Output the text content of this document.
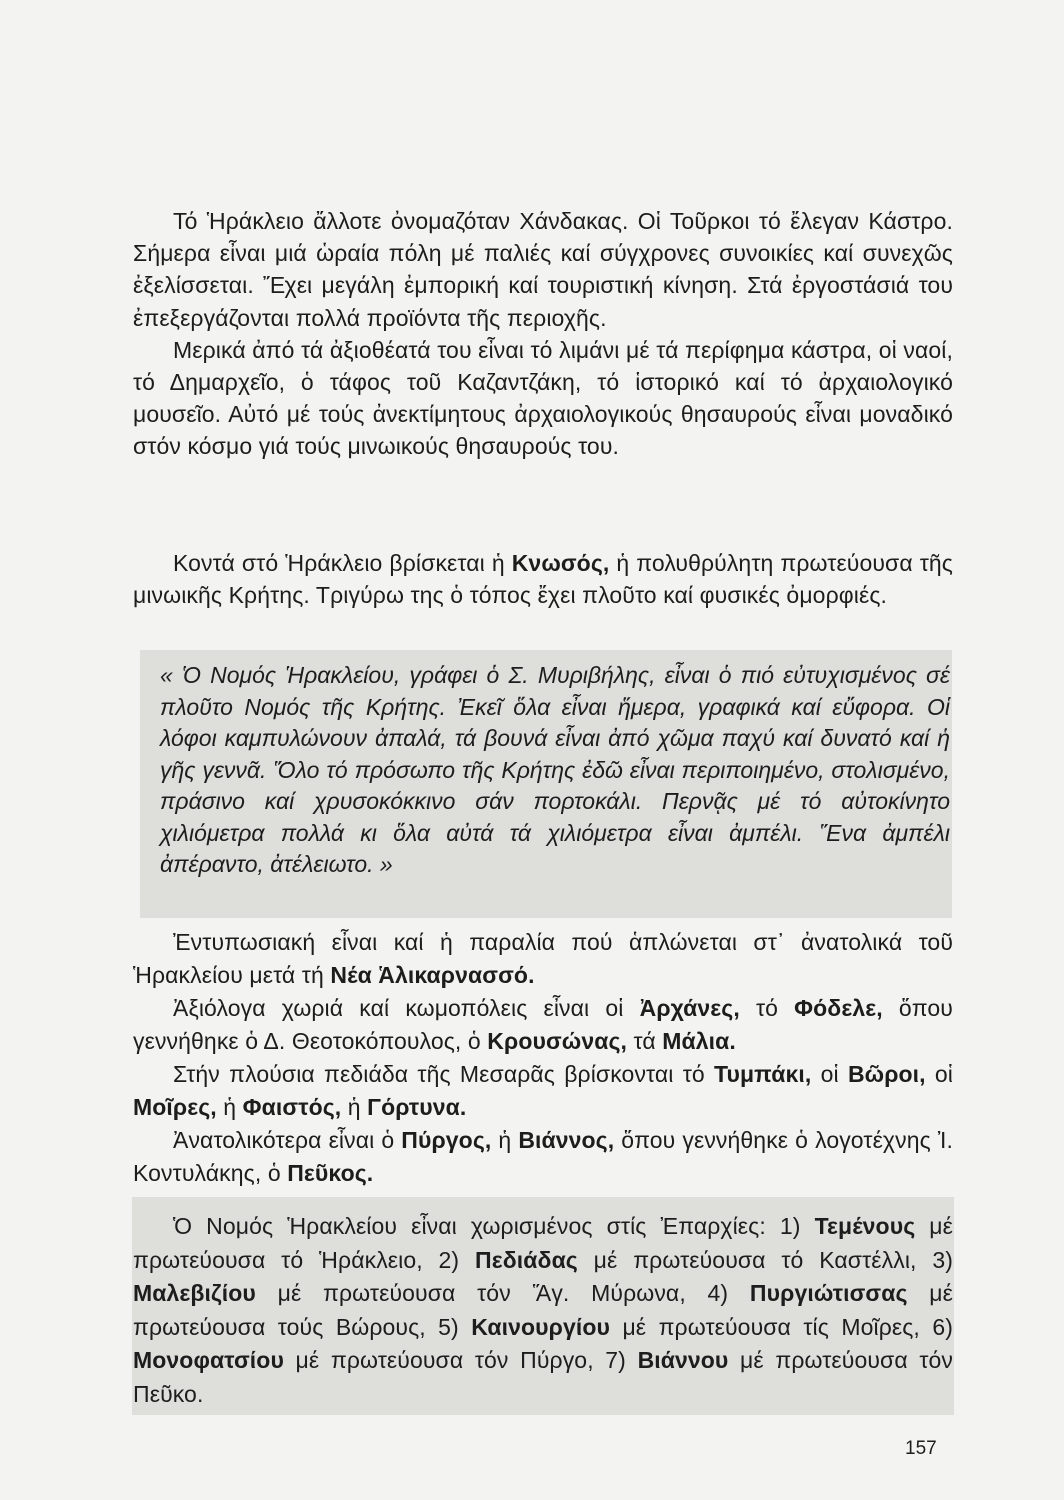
Τό Ἡράκλειο ἄλλοτε ὀνομαζόταν Χάνδακας. Οἱ Τοῦρκοι τό ἔλεγαν Κάστρο. Σήμερα εἶναι μιά ὡραία πόλη μέ παλιές καί σύγχρονες συνοικίες καί συνεχῶς ἐξελίσσεται. Ἔχει μεγάλη ἐμπορική καί τουριστική κίνηση. Στά ἐργοστάσιά του ἐπεξεργάζονται πολλά προϊόντα τῆς περιοχῆς.

Μερικά ἀπό τά ἀξιοθέατά του εἶναι τό λιμάνι μέ τά περίφημα κάστρα, οἱ ναοί, τό Δημαρχεῖο, ὁ τάφος τοῦ Καζαντζάκη, τό ἱστορικό καί τό ἀρχαιολογικό μουσεῖο. Αὐτό μέ τούς ἀνεκτίμητους ἀρχαιολογικούς θησαυρούς εἶναι μοναδικό στόν κόσμο γιά τούς μινωικούς θησαυρούς του.

Κοντά στό Ἡράκλειο βρίσκεται ἡ Κνωσός, ἡ πολυθρύλητη πρωτεύουσα τῆς μινωικῆς Κρήτης. Τριγύρω της ὁ τόπος ἔχει πλοῦτο καί φυσικές ὀμορφιές.

« Ὁ Νομός Ἡρακλείου, γράφει ὁ Σ. Μυριβήλης, εἶναι ὁ πιό εὐτυχισμένος σέ πλοῦτο Νομός τῆς Κρήτης. Ἐκεῖ ὅλα εἶναι ἥμερα, γραφικά καί εὔφορα. Οἱ λόφοι καμπυλώνουν ἀπαλά, τά βουνά εἶναι ἀπό χῶμα παχύ καί δυνατό καί ἡ γῆς γεννᾶ. Ὅλο τό πρόσωπο τῆς Κρήτης ἐδῶ εἶναι περιποιημένο, στολισμένο, πράσινο καί χρυσοκόκκινο σάν πορτοκάλι. Περνᾷς μέ τό αὐτοκίνητο χιλιόμετρα πολλά κι ὅλα αὐτά τά χιλιόμετρα εἶναι ἀμπέλι. Ἕνα ἀμπέλι ἀπέραντο, ἀτέλειωτο. »

Ἐντυπωσιακή εἶναι καί ἡ παραλία πού ἁπλώνεται στ᾽ ἀνατολικά τοῦ Ἡρακλείου μετά τή Νέα Ἁλικαρνασσό.

Ἀξιόλογα χωριά καί κωμοπόλεις εἶναι οἱ Ἀρχάνες, τό Φόδελε, ὅπου γεννήθηκε ὁ Δ. Θεοτοκόπουλος, ὁ Κρουσώνας, τά Μάλια.

Στήν πλούσια πεδιάδα τῆς Μεσαρᾶς βρίσκονται τό Τυμπάκι, οἱ Βῶροι, οἱ Μοῖρες, ἡ Φαιστός, ἡ Γόρτυνα.

Ἀνατολικότερα εἶναι ὁ Πύργος, ἡ Βιάννος, ὅπου γεννήθηκε ὁ λογοτέχνης Ἰ. Κοντυλάκης, ὁ Πεῦκος.

Ὁ Νομός Ἡρακλείου εἶναι χωρισμένος στίς Ἐπαρχίες: 1) Τεμένους μέ πρωτεύουσα τό Ἡράκλειο, 2) Πεδιάδας μέ πρωτεύουσα τό Καστέλλι, 3) Μαλεβιζίου μέ πρωτεύουσα τόν Ἅγ. Μύρωνα, 4) Πυργιώτισσας μέ πρωτεύουσα τούς Βώρους, 5) Καινουργίου μέ πρωτεύουσα τίς Μοῖρες, 6) Μονοφατσίου μέ πρωτεύουσα τόν Πύργο, 7) Βιάννου μέ πρωτεύουσα τόν Πεῦκο.

157
